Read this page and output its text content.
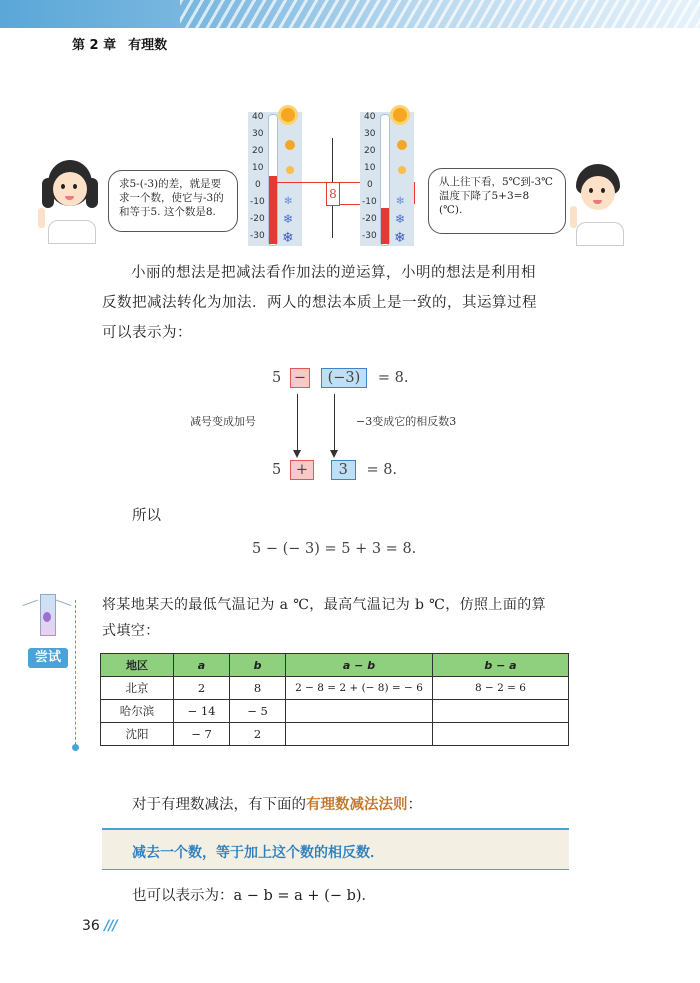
第 2 章 有理数
求5-(-3)的差，就是要求一个数，使它与-3的和等于5. 这个数是8.
✻
❄
❄
40
30
20
10
0
-10
-20
-30
8
✻
❄
❄
40
30
20
10
0
-10
-20
-30
从上往下看，5℃到-3℃温度下降了5+3=8 (℃).

小丽的想法是把减法看作加法的逆运算，小明的想法是利用相

反数把减法转化为加法．两人的想法本质上是一致的，其运算过程

可以表示为：

5 − (−3) = 8.
减号变成加号	−3变成它的相反数3
5 + 3 = 8.
所以
5 − (− 3) = 5 + 3 = 8.
尝试
将某地某天的最低气温记为 a ℃，最高气温记为 b ℃，仿照上面的算
式填空：
地区	a	b	a − b	b − a
北京	2	8	2 − 8 = 2 + (− 8) = − 6	8 − 2 = 6
哈尔滨	− 14	− 5		
沈阳	− 7	2		
对于有理数减法，有下面的有理数减法法则：
减去一个数，等于加上这个数的相反数．
也可以表示为：a − b = a + (− b)．
36 ///
